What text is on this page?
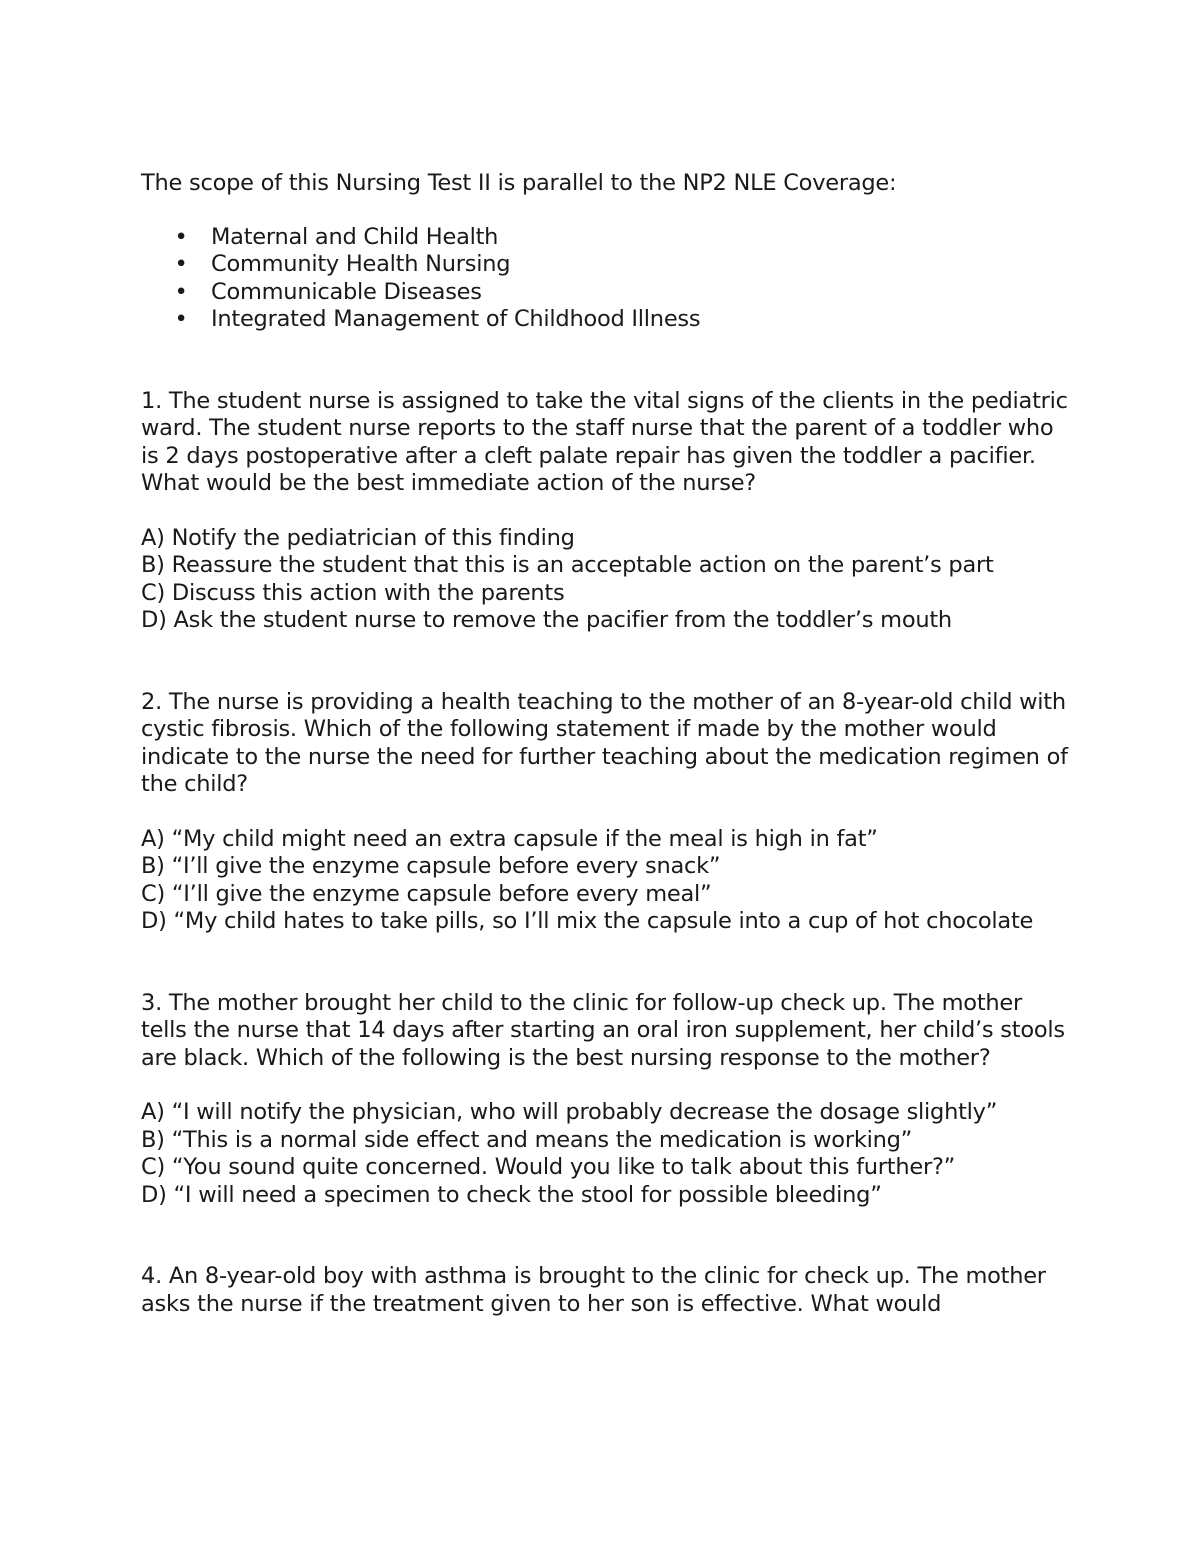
The scope of this Nursing Test II is parallel to the NP2 NLE Coverage:

• Maternal and Child Health
• Community Health Nursing
• Communicable Diseases
• Integrated Management of Childhood Illness

1. The student nurse is assigned to take the vital signs of the clients in the pediatric ward. The student nurse reports to the staff nurse that the parent of a toddler who is 2 days postoperative after a cleft palate repair has given the toddler a pacifier. What would be the best immediate action of the nurse?

A) Notify the pediatrician of this finding
B) Reassure the student that this is an acceptable action on the parent’s part
C) Discuss this action with the parents
D) Ask the student nurse to remove the pacifier from the toddler’s mouth

2. The nurse is providing a health teaching to the mother of an 8-year-old child with cystic fibrosis. Which of the following statement if made by the mother would indicate to the nurse the need for further teaching about the medication regimen of the child?

A) “My child might need an extra capsule if the meal is high in fat”
B) “I’ll give the enzyme capsule before every snack”
C) “I’ll give the enzyme capsule before every meal”
D) “My child hates to take pills, so I’ll mix the capsule into a cup of hot chocolate

3. The mother brought her child to the clinic for follow-up check up. The mother tells the nurse that 14 days after starting an oral iron supplement, her child’s stools are black. Which of the following is the best nursing response to the mother?

A) “I will notify the physician, who will probably decrease the dosage slightly”
B) “This is a normal side effect and means the medication is working”
C) “You sound quite concerned. Would you like to talk about this further?”
D) “I will need a specimen to check the stool for possible bleeding”

4. An 8-year-old boy with asthma is brought to the clinic for check up. The mother asks the nurse if the treatment given to her son is effective. What would
